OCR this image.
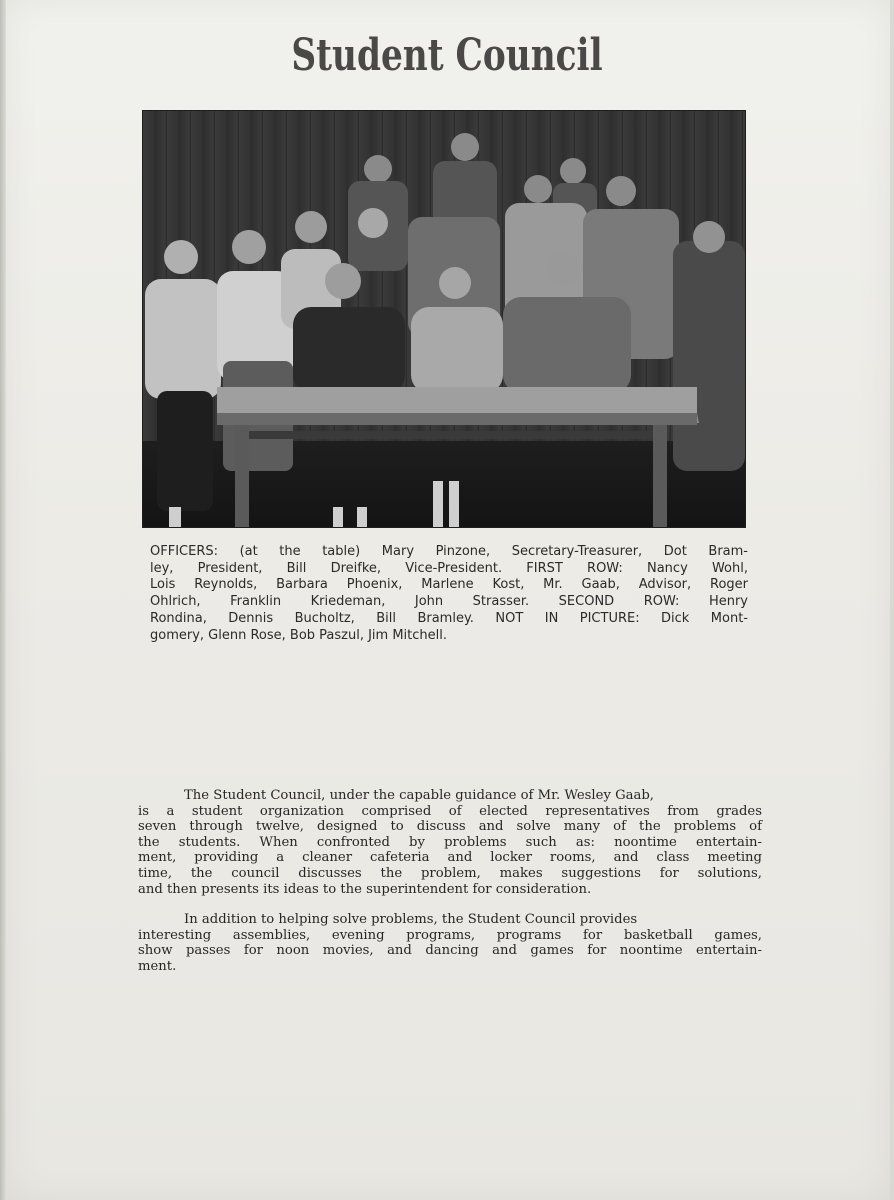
Student Council
OFFICERS: (at the table) Mary Pinzone, Secretary-Treasurer, Dot Bram-
ley, President, Bill Dreifke, Vice-President. FIRST ROW: Nancy Wohl,
Lois Reynolds, Barbara Phoenix, Marlene Kost, Mr. Gaab, Advisor, Roger
Ohlrich, Franklin Kriedeman, John Strasser. SECOND ROW: Henry
Rondina, Dennis Bucholtz, Bill Bramley. NOT IN PICTURE: Dick Mont-
gomery, Glenn Rose, Bob Paszul, Jim Mitchell.
The Student Council, under the capable guidance of Mr. Wesley Gaab,
is a student organization comprised of elected representatives from grades
seven through twelve, designed to discuss and solve many of the problems of
the students. When confronted by problems such as: noontime entertain-
ment, providing a cleaner cafeteria and locker rooms, and class meeting
time, the council discusses the problem, makes suggestions for solutions,
and then presents its ideas to the superintendent for consideration.
In addition to helping solve problems, the Student Council provides
interesting assemblies, evening programs, programs for basketball games,
show passes for noon movies, and dancing and games for noontime entertain-
ment.
